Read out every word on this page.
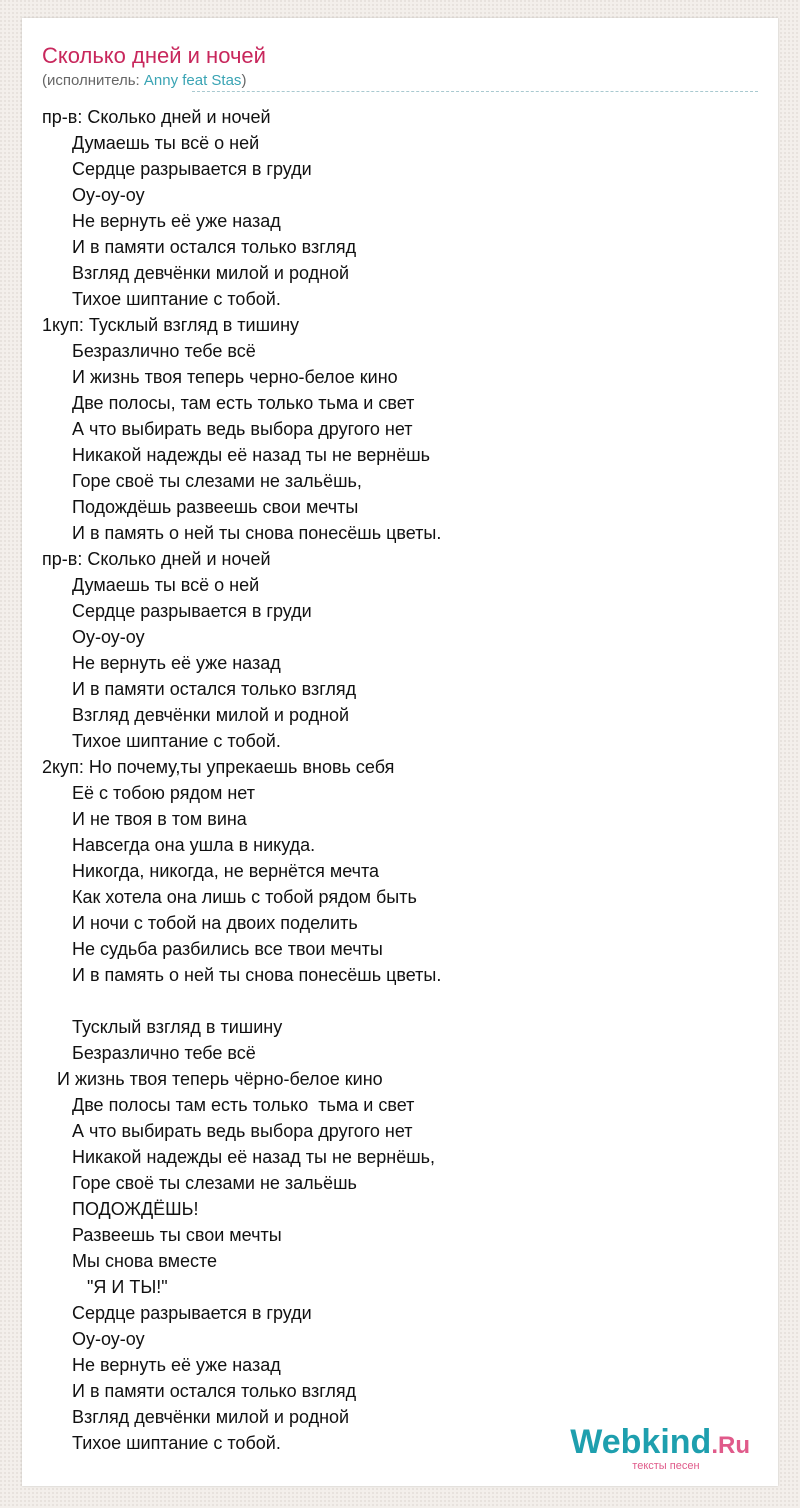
Сколько дней и ночей
(исполнитель: Anny feat Stas)
пр-в: Сколько дней и ночей
Думаешь ты всё о ней
Сердце разрывается в груди
Оу-оу-оу
Не вернуть её уже назад
И в памяти остался только взгляд
Взгляд девчёнки милой и родной
Тихое шиптание с тобой.
1куп: Тусклый взгляд в тишину
Безразлично тебе всё
И жизнь твоя теперь черно-белое кино
Две полосы, там есть только тьма и свет
А что выбирать ведь выбора другого нет
Никакой надежды её назад ты не вернёшь
Горе своё ты слезами не зальёшь,
Подождёшь развеешь свои мечты
И в память о ней ты снова понесёшь цветы.
пр-в: Сколько дней и ночей
Думаешь ты всё о ней
Сердце разрывается в груди
Оу-оу-оу
Не вернуть её уже назад
И в памяти остался только взгляд
Взгляд девчёнки милой и родной
Тихое шиптание с тобой.
2куп: Но почему,ты упрекаешь вновь себя
Её с тобою рядом нет
И не твоя в том вина
Навсегда она ушла в никуда.
Никогда, никогда, не вернётся мечта
Как хотела она лишь с тобой рядом быть
И ночи с тобой на двоих поделить
Не судьба разбились все твои мечты
И в память о ней ты снова понесёшь цветы.
Тусклый взгляд в тишину
Безразлично тебе всё
И жизнь твоя теперь чёрно-белое кино
Две полосы там есть только  тьма и свет
А что выбирать ведь выбора другого нет
Никакой надежды её назад ты не вернёшь,
Горе своё ты слезами не зальёшь
ПОДОЖДЁШЬ!
Развеешь ты свои мечты
Мы снова вместе
"Я И ТЫ!"
Сердце разрывается в груди
Оу-оу-оу
Не вернуть её уже назад
И в памяти остался только взгляд
Взгляд девчёнки милой и родной
Тихое шиптание с тобой.	Webkind.Ru
тексты песен
